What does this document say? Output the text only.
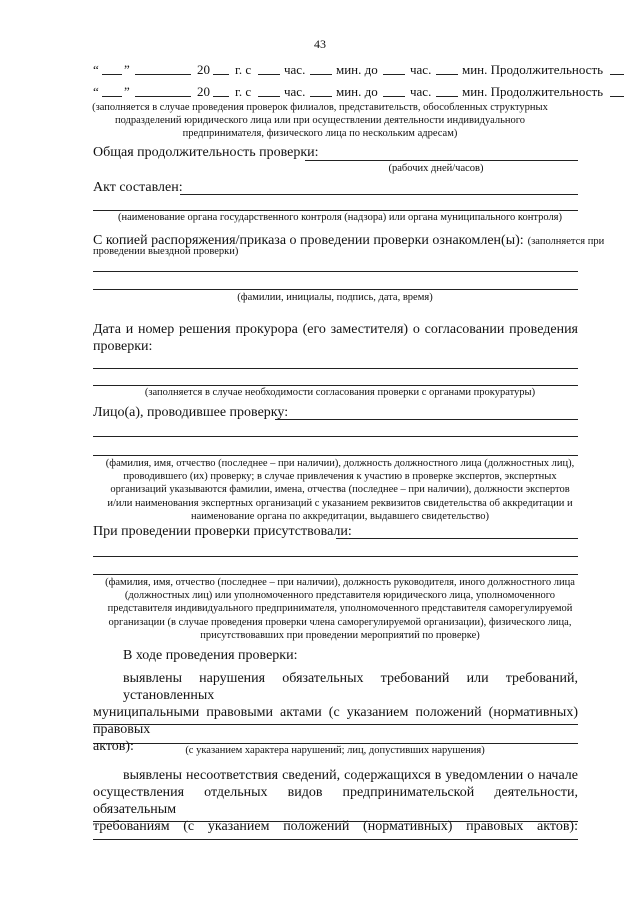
43
“ ”	20 г. с	час. мин. до час. мин. Продолжительность
“ ”	20 г. с	час. мин. до час. мин. Продолжительность
(заполняется в случае проведения проверок филиалов, представительств, обособленных структурных
подразделений юридического лица или при осуществлении деятельности индивидуального
предпринимателя, физического лица по нескольким адресам)
Общая продолжительность проверки:
(рабочих дней/часов)
Акт составлен:
(наименование органа государственного контроля (надзора) или органа муниципального контроля)
С копией распоряжения/приказа о проведении проверки ознакомлен(ы): (заполняется при
проведении выездной проверки)
(фамилии, инициалы, подпись, дата, время)
Дата и номер решения прокурора (его заместителя) о согласовании проведения
проверки:
(заполняется в случае необходимости согласования проверки с органами прокуратуры)
Лицо(а), проводившее проверку:
(фамилия, имя, отчество (последнее – при наличии), должность должностного лица (должностных лиц),
проводившего (их) проверку; в случае привлечения к участию в проверке экспертов, экспертных
организаций указываются фамилии, имена, отчества (последнее – при наличии), должности экспертов
и/или наименования экспертных организаций с указанием реквизитов свидетельства об аккредитации и
наименование органа по аккредитации, выдавшего свидетельство)
При проведении проверки присутствовали:
(фамилия, имя, отчество (последнее – при наличии), должность руководителя, иного должностного лица
(должностных лиц) или уполномоченного представителя юридического лица, уполномоченного
представителя индивидуального предпринимателя, уполномоченного представителя саморегулируемой
организации (в случае проведения проверки члена саморегулируемой организации), физического лица,
присутствовавших при проведении мероприятий по проверке)
В ходе проведения проверки:
выявлены нарушения обязательных требований или требований, установленных
муниципальными правовыми актами (с указанием положений (нормативных) правовых
актов):	(с указанием характера нарушений; лиц, допустивших нарушения)
выявлены несоответствия сведений, содержащихся в уведомлении о начале
осуществления отдельных видов предпринимательской деятельности, обязательным
требованиям (с указанием положений (нормативных) правовых актов):
